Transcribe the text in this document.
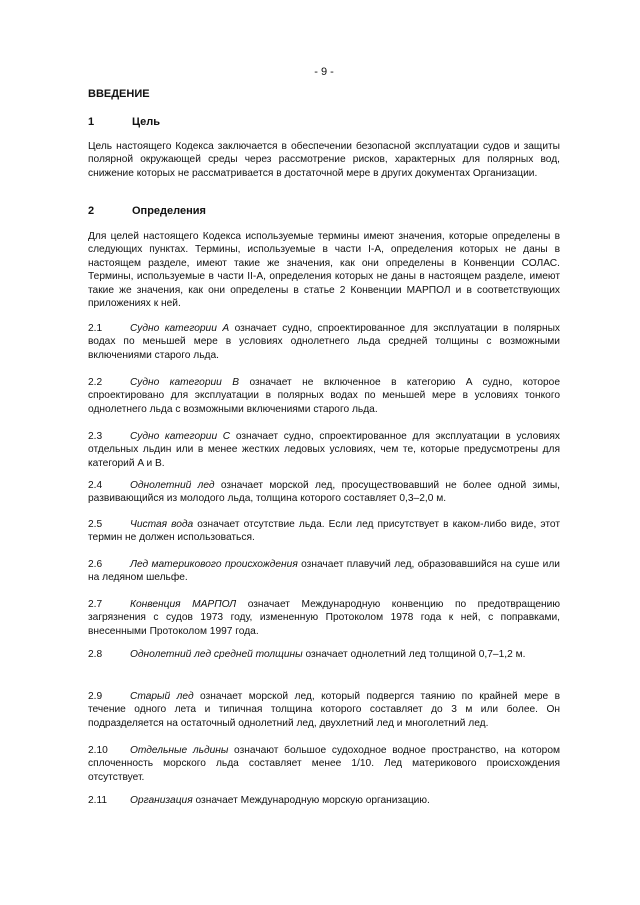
- 9 -
ВВЕДЕНИЕ
1	Цель
Цель настоящего Кодекса заключается в обеспечении безопасной эксплуатации судов и защиты полярной окружающей среды через рассмотрение рисков, характерных для полярных вод, снижение которых не рассматривается в достаточной мере в других документах Организации.
2	Определения
Для целей настоящего Кодекса используемые термины имеют значения, которые определены в следующих пунктах. Термины, используемые в части I-A, определения которых не даны в настоящем разделе, имеют такие же значения, как они определены в Конвенции СОЛАС. Термины, используемые в части II-A, определения которых не даны в настоящем разделе, имеют такие же значения, как они определены в статье 2 Конвенции МАРПОЛ и в соответствующих приложениях к ней.
2.1	Судно категории A означает судно, спроектированное для эксплуатации в полярных водах по меньшей мере в условиях однолетнего льда средней толщины с возможными включениями старого льда.
2.2	Судно категории B означает не включенное в категорию A судно, которое спроектировано для эксплуатации в полярных водах по меньшей мере в условиях тонкого однолетнего льда с возможными включениями старого льда.
2.3	Судно категории C означает судно, спроектированное для эксплуатации в условиях отдельных льдин или в менее жестких ледовых условиях, чем те, которые предусмотрены для категорий A и B.
2.4	Однолетний лед означает морской лед, просуществовавший не более одной зимы, развивающийся из молодого льда, толщина которого составляет 0,3–2,0 м.
2.5	Чистая вода означает отсутствие льда. Если лед присутствует в каком-либо виде, этот термин не должен использоваться.
2.6	Лед материкового происхождения означает плавучий лед, образовавшийся на суше или на ледяном шельфе.
2.7	Конвенция МАРПОЛ означает Международную конвенцию по предотвращению загрязнения с судов 1973 году, измененную Протоколом 1978 года к ней, с поправками, внесенными Протоколом 1997 года.
2.8	Однолетний лед средней толщины означает однолетний лед толщиной 0,7–1,2 м.
2.9	Старый лед означает морской лед, который подвергся таянию по крайней мере в течение одного лета и типичная толщина которого составляет до 3 м или более. Он подразделяется на остаточный однолетний лед, двухлетний лед и многолетний лед.
2.10 Отдельные льдины означают большое судоходное водное пространство, на котором сплоченность морского льда составляет менее 1/10. Лед материкового происхождения отсутствует.
2.11 Организация означает Международную морскую организацию.
